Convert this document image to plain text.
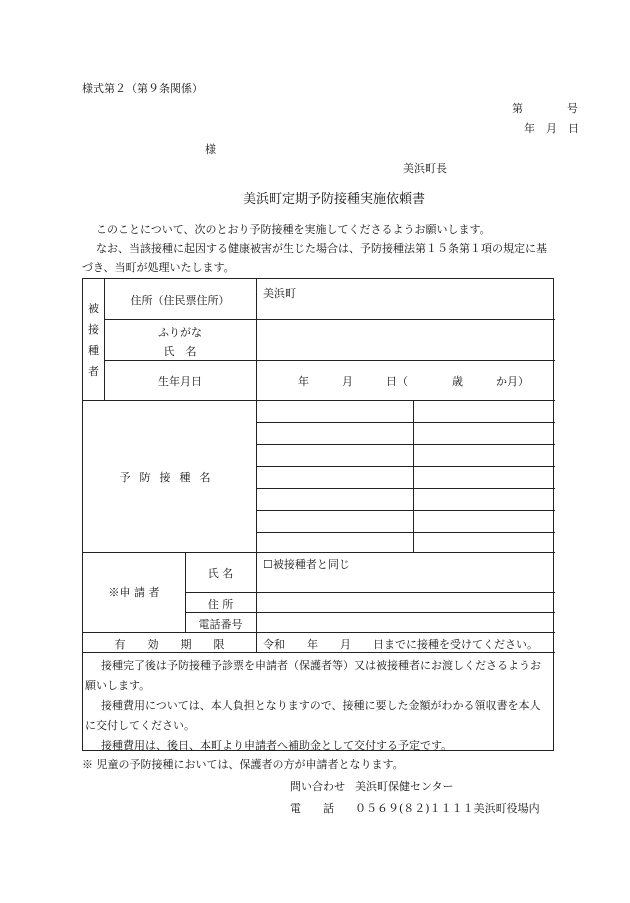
様式第２（第９条関係）
第　　　　号
年　月　日
様
美浜町長
美浜町定期予防接種実施依頼書
このことについて、次のとおり予防接種を実施してくださるようお願いします。
なお、当該接種に起因する健康被害が生じた場合は、予防接種法第１５条第１項の規定に基
づき、当町が処理いたします。
被
接
種
者
住所（住民票住所）
美浜町
ふりがな
氏　名
生年月日	年　　　月　　　日（　　　　歳　　　か月）
予防接種名
※申 請 者
氏 名
☐被接種者と同じ
住 所
電話番号
有　　効　　期　　限	令和　　年　　月　　日までに接種を受けてください。
接種完了後は予防接種予診票を申請者（保護者等）又は被接種者にお渡しくださるようお
願いします。
接種費用については、本人負担となりますので、接種に要した金額がわかる領収書を本人
に交付してください。
接種費用は、後日、本町より申請者へ補助金として交付する予定です。
※ 児童の予防接種においては、保護者の方が申請者となります。
問い合わせ 美浜町保健センター
電　　話 ０５６９(８２)１１１１美浜町役場内
